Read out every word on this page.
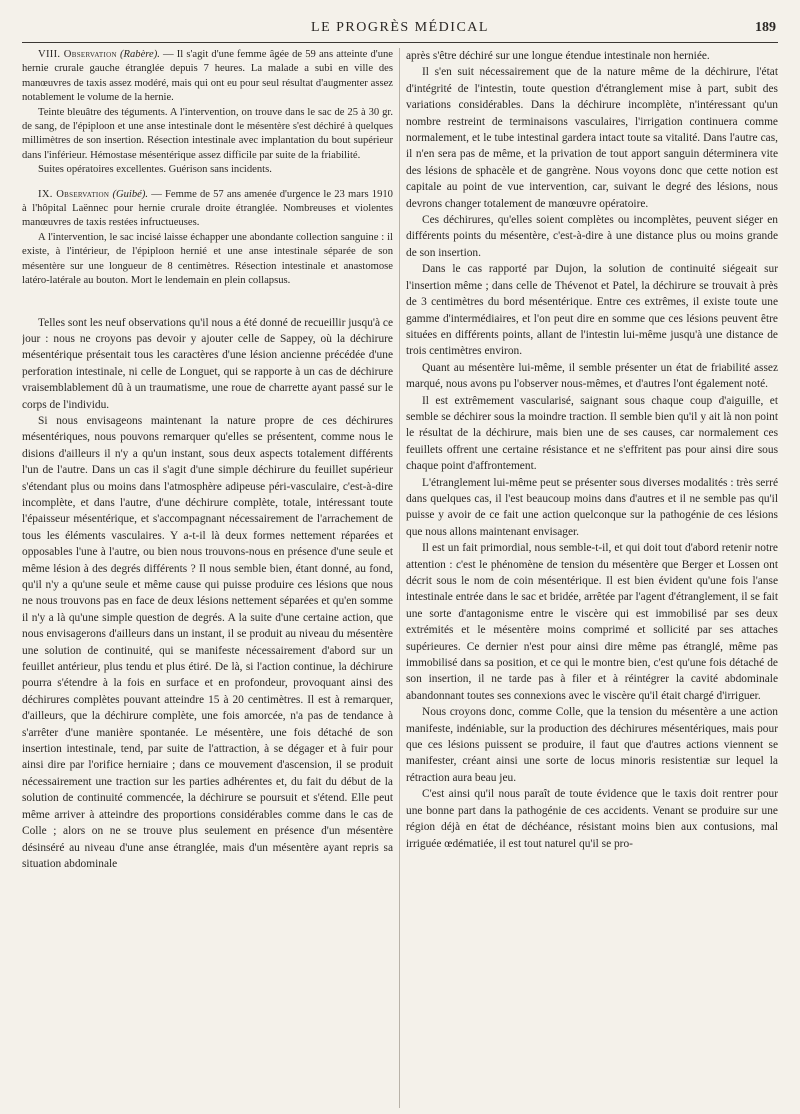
LE PROGRÈS MÉDICAL	189

VIII. Observation (Rabère). — Il s'agit d'une femme âgée de 59 ans atteinte d'une hernie crurale gauche étranglée depuis 7 heures. La malade a subi en ville des manœuvres de taxis assez modéré, mais qui ont eu pour seul résultat d'augmenter assez notablement le volume de la hernie.

Teinte bleuâtre des téguments. A l'intervention, on trouve dans le sac de 25 à 30 gr. de sang, de l'épiploon et une anse intestinale dont le mésentère s'est déchiré à quelques millimètres de son insertion. Résection intestinale avec implantation du bout supérieur dans l'inférieur. Hémostase mésentérique assez difficile par suite de la friabilité.

Suites opératoires excellentes. Guérison sans incidents.

IX. Observation (Guibé). — Femme de 57 ans amenée d'urgence le 23 mars 1910 à l'hôpital Laënnec pour hernie crurale droite étranglée. Nombreuses et violentes manœuvres de taxis restées infructueuses.

A l'intervention, le sac incisé laisse échapper une abondante collection sanguine : il existe, à l'intérieur, de l'épiploon hernié et une anse intestinale séparée de son mésentère sur une longueur de 8 centimètres. Résection intestinale et anastomose latéro-latérale au bouton. Mort le lendemain en plein collapsus.

Telles sont les neuf observations qu'il nous a été donné de recueillir jusqu'à ce jour : nous ne croyons pas devoir y ajouter celle de Sappey, où la déchirure mésentérique présentait tous les caractères d'une lésion ancienne précédée d'une perforation intestinale, ni celle de Longuet, qui se rapporte à un cas de déchirure vraisemblablement dû à un traumatisme, une roue de charrette ayant passé sur le corps de l'individu.

Si nous envisageons maintenant la nature propre de ces déchirures mésentériques, nous pouvons remarquer qu'elles se présentent, comme nous le disions d'ailleurs il n'y a qu'un instant, sous deux aspects totalement différents l'un de l'autre. Dans un cas il s'agit d'une simple déchirure du feuillet supérieur s'étendant plus ou moins dans l'atmosphère adipeuse péri-vasculaire, c'est-à-dire incomplète, et dans l'autre, d'une déchirure complète, totale, intéressant toute l'épaisseur mésentérique, et s'accompagnant nécessairement de l'arrachement de tous les éléments vasculaires. Y a-t-il là deux formes nettement réparées et opposables l'une à l'autre, ou bien nous trouvons-nous en présence d'une seule et même lésion à des degrés différents ? Il nous semble bien, étant donné, au fond, qu'il n'y a qu'une seule et même cause qui puisse produire ces lésions que nous ne nous trouvons pas en face de deux lésions nettement séparées et qu'en somme il n'y a là qu'une simple question de degrés. A la suite d'une certaine action, que nous envisagerons d'ailleurs dans un instant, il se produit au niveau du mésentère une solution de continuité, qui se manifeste nécessairement d'abord sur un feuillet antérieur, plus tendu et plus étiré. De là, si l'action continue, la déchirure pourra s'étendre à la fois en surface et en profondeur, provoquant ainsi des déchirures complètes pouvant atteindre 15 à 20 centimètres. Il est à remarquer, d'ailleurs, que la déchirure complète, une fois amorcée, n'a pas de tendance à s'arrêter d'une manière spontanée. Le mésentère, une fois détaché de son insertion intestinale, tend, par suite de l'attraction, à se dégager et à fuir pour ainsi dire par l'orifice herniaire ; dans ce mouvement d'ascension, il se produit nécessairement une traction sur les parties adhérentes et, du fait du début de la solution de continuité commencée, la déchirure se poursuit et s'étend. Elle peut même arriver à atteindre des proportions considérables comme dans le cas de Colle ; alors on ne se trouve plus seulement en présence d'un mésentère désinséré au niveau d'une anse étranglée, mais d'un mésentère ayant repris sa situation abdominale

après s'être déchiré sur une longue étendue intestinale non herniée.

Il s'en suit nécessairement que de la nature même de la déchirure, l'état d'intégrité de l'intestin, toute question d'étranglement mise à part, subit des variations considérables. Dans la déchirure incomplète, n'intéressant qu'un nombre restreint de terminaisons vasculaires, l'irrigation continuera comme normalement, et le tube intestinal gardera intact toute sa vitalité. Dans l'autre cas, il n'en sera pas de même, et la privation de tout apport sanguin déterminera vite des lésions de sphacèle et de gangrène. Nous voyons donc que cette notion est capitale au point de vue intervention, car, suivant le degré des lésions, nous devrons changer totalement de manœuvre opératoire.

Ces déchirures, qu'elles soient complètes ou incomplètes, peuvent siéger en différents points du mésentère, c'est-à-dire à une distance plus ou moins grande de son insertion.

Dans le cas rapporté par Dujon, la solution de continuité siégeait sur l'insertion même ; dans celle de Thévenot et Patel, la déchirure se trouvait à près de 3 centimètres du bord mésentérique. Entre ces extrêmes, il existe toute une gamme d'intermédiaires, et l'on peut dire en somme que ces lésions peuvent être situées en différents points, allant de l'intestin lui-même jusqu'à une distance de trois centimètres environ.

Quant au mésentère lui-même, il semble présenter un état de friabilité assez marqué, nous avons pu l'observer nous-mêmes, et d'autres l'ont également noté.

Il est extrêmement vascularisé, saignant sous chaque coup d'aiguille, et semble se déchirer sous la moindre traction. Il semble bien qu'il y ait là non point le résultat de la déchirure, mais bien une de ses causes, car normalement ces feuillets offrent une certaine résistance et ne s'effritent pas pour ainsi dire sous chaque point d'affrontement.

L'étranglement lui-même peut se présenter sous diverses modalités : très serré dans quelques cas, il l'est beaucoup moins dans d'autres et il ne semble pas qu'il puisse y avoir de ce fait une action quelconque sur la pathogénie de ces lésions que nous allons maintenant envisager.

Il est un fait primordial, nous semble-t-il, et qui doit tout d'abord retenir notre attention : c'est le phénomène de tension du mésentère que Berger et Lossen ont décrit sous le nom de coin mésentérique. Il est bien évident qu'une fois l'anse intestinale entrée dans le sac et bridée, arrêtée par l'agent d'étranglement, il se fait une sorte d'antagonisme entre le viscère qui est immobilisé par ses deux extrémités et le mésentère moins comprimé et sollicité par ses attaches supérieures. Ce dernier n'est pour ainsi dire même pas étranglé, même pas immobilisé dans sa position, et ce qui le montre bien, c'est qu'une fois détaché de son insertion, il ne tarde pas à filer et à réintégrer la cavité abdominale abandonnant toutes ses connexions avec le viscère qu'il était chargé d'irriguer.

Nous croyons donc, comme Colle, que la tension du mésentère a une action manifeste, indéniable, sur la production des déchirures mésentériques, mais pour que ces lésions puissent se produire, il faut que d'autres actions viennent se manifester, créant ainsi une sorte de locus minoris resistentiæ sur lequel la rétraction aura beau jeu.

C'est ainsi qu'il nous paraît de toute évidence que le taxis doit rentrer pour une bonne part dans la pathogénie de ces accidents. Venant se produire sur une région déjà en état de déchéance, résistant moins bien aux contusions, mal irriguée œdématiée, il est tout naturel qu'il se pro-
